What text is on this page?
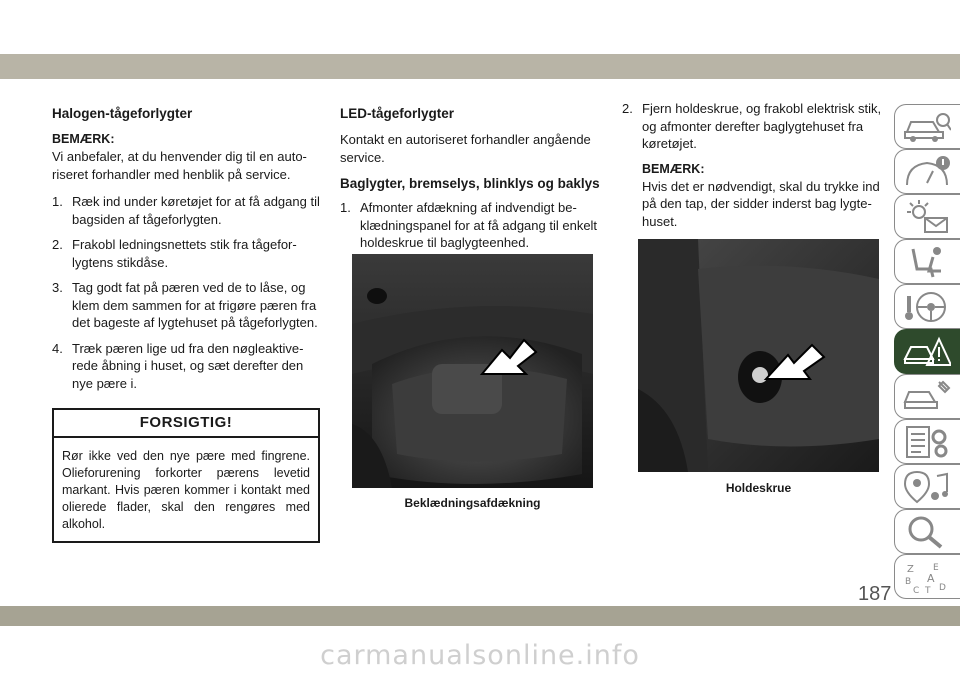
Halogen-tågeforlygter
BEMÆRK:

Vi anbefaler, at du henvender dig til en auto-riseret forhandler med henblik på service.

1. Ræk ind under køretøjet for at få adgang til bagsiden af tågeforlygten.
2. Frakobl ledningsnettets stik fra tågefor-lygtens stikdåse.
3. Tag godt fat på pæren ved de to låse, og klem dem sammen for at frigøre pæren fra det bageste af lygtehuset på tågeforlygten.
4. Træk pæren lige ud fra den nøgleaktive-rede åbning i huset, og sæt derefter den nye pære i.
FORSIGTIG!
Rør ikke ved den nye pære med fingrene. Olieforurening forkorter pærens levetid markant. Hvis pæren kommer i kontakt med olierede flader, skal den rengøres med alkohol.
LED-tågeforlygter

Kontakt en autoriseret forhandler angående service.

Baglygter, bremselys, blinklys og baklys
1. Afmonter afdækning af indvendigt be-klædningspanel for at få adgang til enkelt holdeskrue til baglygteenhed.
Beklædningsafdækning
2. Fjern holdeskrue, og frakobl elektrisk stik, og afmonter derefter baglygtehuset fra køretøjet.
BEMÆRK:

Hvis det er nødvendigt, skal du trykke ind på den tap, der sidder inderst bag lygte-huset.

Holdeskrue
Z E
B A
C T D
187
carmanualsonline.info
